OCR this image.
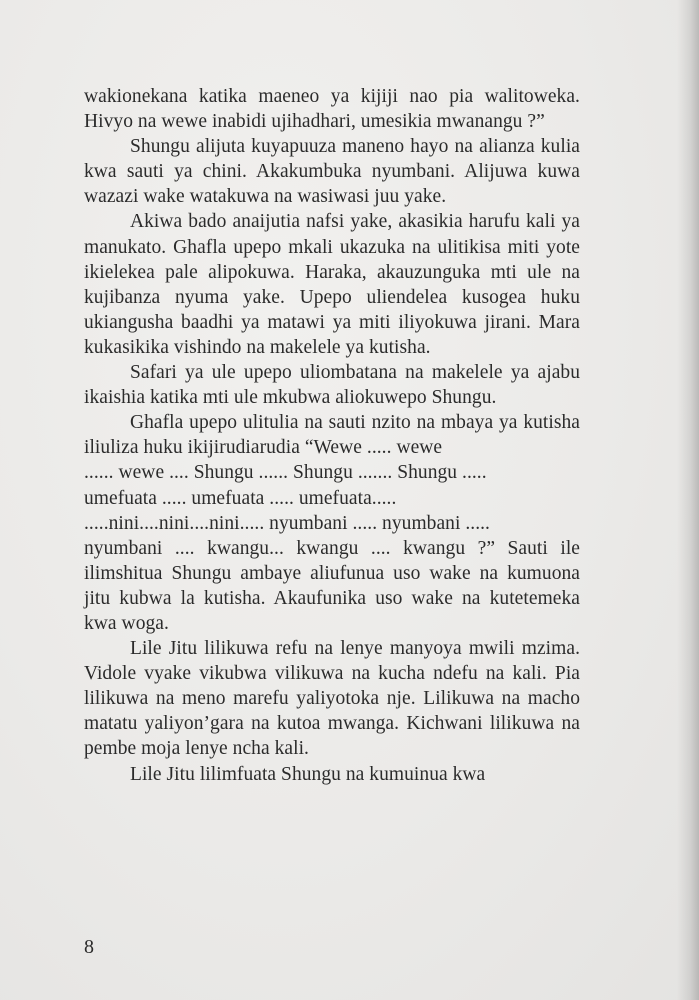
wakionekana katika maeneo ya kijiji nao pia walitoweka. Hivyo na wewe inabidi ujihadhari, umesikia mwanangu ?”

Shungu alijuta kuyapuuza maneno hayo na alianza kulia kwa sauti ya chini. Akakumbuka nyumbani. Alijuwa kuwa wazazi wake watakuwa na wasiwasi juu yake.

Akiwa bado anaijutia nafsi yake, akasikia harufu kali ya manukato. Ghafla upepo mkali ukazuka na ulitikisa miti yote ikielekea pale alipokuwa. Haraka, akauzunguka mti ule na kujibanza nyuma yake. Upepo uliendelea kusogea huku ukiangusha baadhi ya matawi ya miti iliyokuwa jirani. Mara kukasikika vishindo na makelele ya kutisha.

Safari ya ule upepo uliombatana na makelele ya ajabu ikaishia katika mti ule mkubwa aliokuwepo Shungu.

Ghafla upepo ulitulia na sauti nzito na mbaya ya kutisha iliuliza huku ikijirudiarudia “Wewe ..... wewe
...... wewe .... Shungu ...... Shungu ....... Shungu .....
umefuata ..... umefuata ..... umefuata.....
.....nini....nini....nini..... nyumbani ..... nyumbani .....
nyumbani .... kwangu... kwangu .... kwangu ?” Sauti ile ilimshitua Shungu ambaye aliufunua uso wake na kumuona jitu kubwa la kutisha. Akaufunika uso wake na kutetemeka kwa woga.

Lile Jitu lilikuwa refu na lenye manyoya mwili mzima. Vidole vyake vikubwa vilikuwa na kucha ndefu na kali. Pia lilikuwa na meno marefu yaliyotoka nje. Lilikuwa na macho matatu yaliyon’gara na kutoa mwanga. Kichwani lilikuwa na pembe moja lenye ncha kali.

Lile Jitu lilimfuata Shungu na kumuinua kwa

8
